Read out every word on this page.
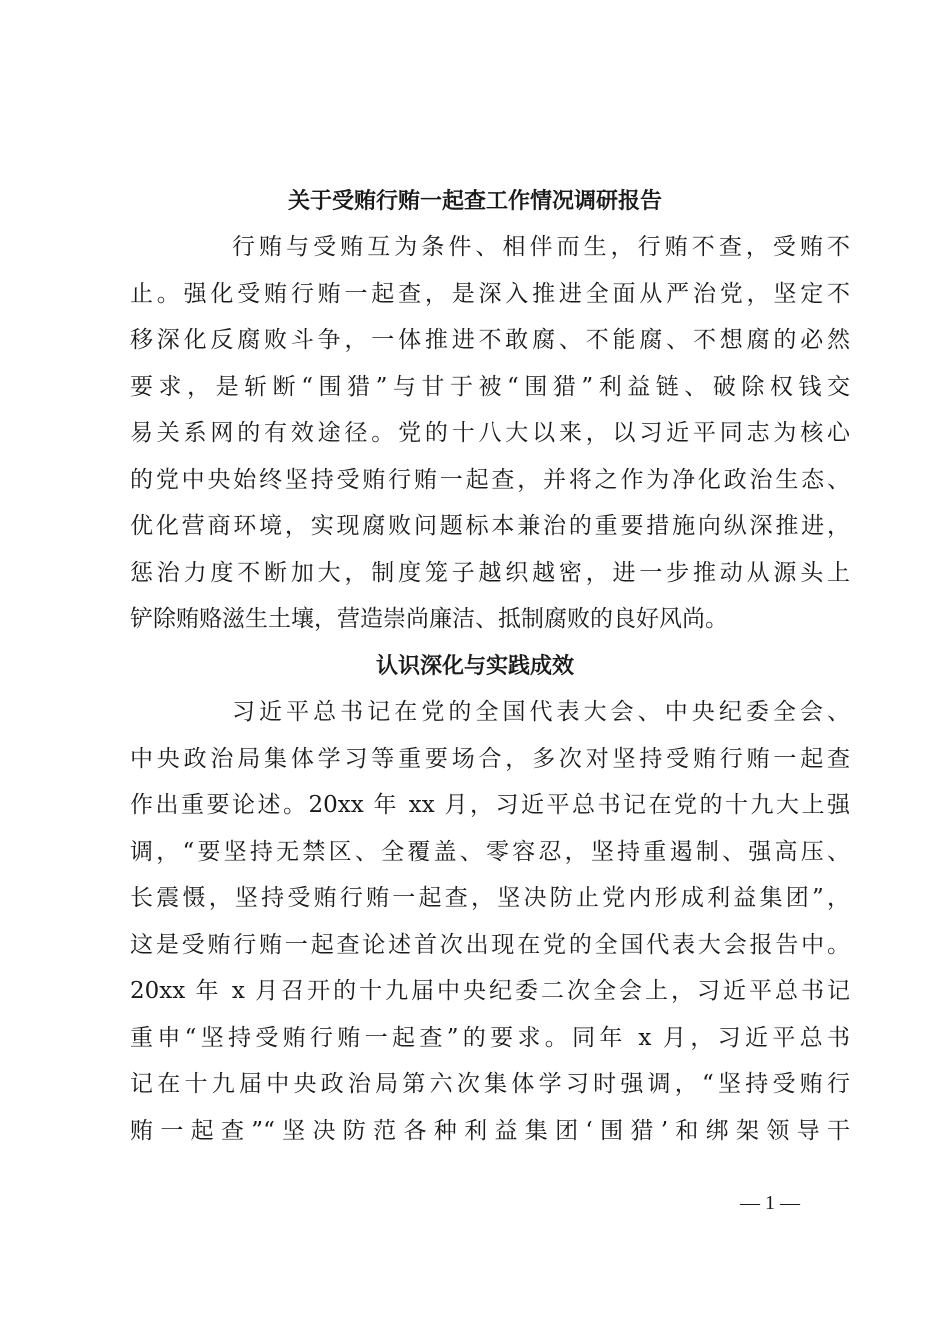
关于受贿行贿一起查工作情况调研报告
行贿与受贿互为条件、相伴而生，行贿不查，受贿不
止。强化受贿行贿一起查，是深入推进全面从严治党，坚定不
移深化反腐败斗争，一体推进不敢腐、不能腐、不想腐的必然
要求，是斩断“围猎”与甘于被“围猎”利益链、破除权钱交
易关系网的有效途径。党的十八大以来，以习近平同志为核心
的党中央始终坚持受贿行贿一起查，并将之作为净化政治生态、
优化营商环境，实现腐败问题标本兼治的重要措施向纵深推进，
惩治力度不断加大，制度笼子越织越密，进一步推动从源头上
铲除贿赂滋生土壤，营造崇尚廉洁、抵制腐败的良好风尚。
认识深化与实践成效
习近平总书记在党的全国代表大会、中央纪委全会、
中央政治局集体学习等重要场合，多次对坚持受贿行贿一起查
作出重要论述。20xx 年 xx 月，习近平总书记在党的十九大上强
调，“要坚持无禁区、全覆盖、零容忍，坚持重遏制、强高压、
长震慑，坚持受贿行贿一起查，坚决防止党内形成利益集团”，
这是受贿行贿一起查论述首次出现在党的全国代表大会报告中。
20xx 年 x 月召开的十九届中央纪委二次全会上，习近平总书记
重申“坚持受贿行贿一起查”的要求。同年 x 月，习近平总书
记在十九届中央政治局第六次集体学习时强调，“坚持受贿行
贿一起查”“坚决防范各种利益集团‘围猎’和绑架领导干
— 1 —
